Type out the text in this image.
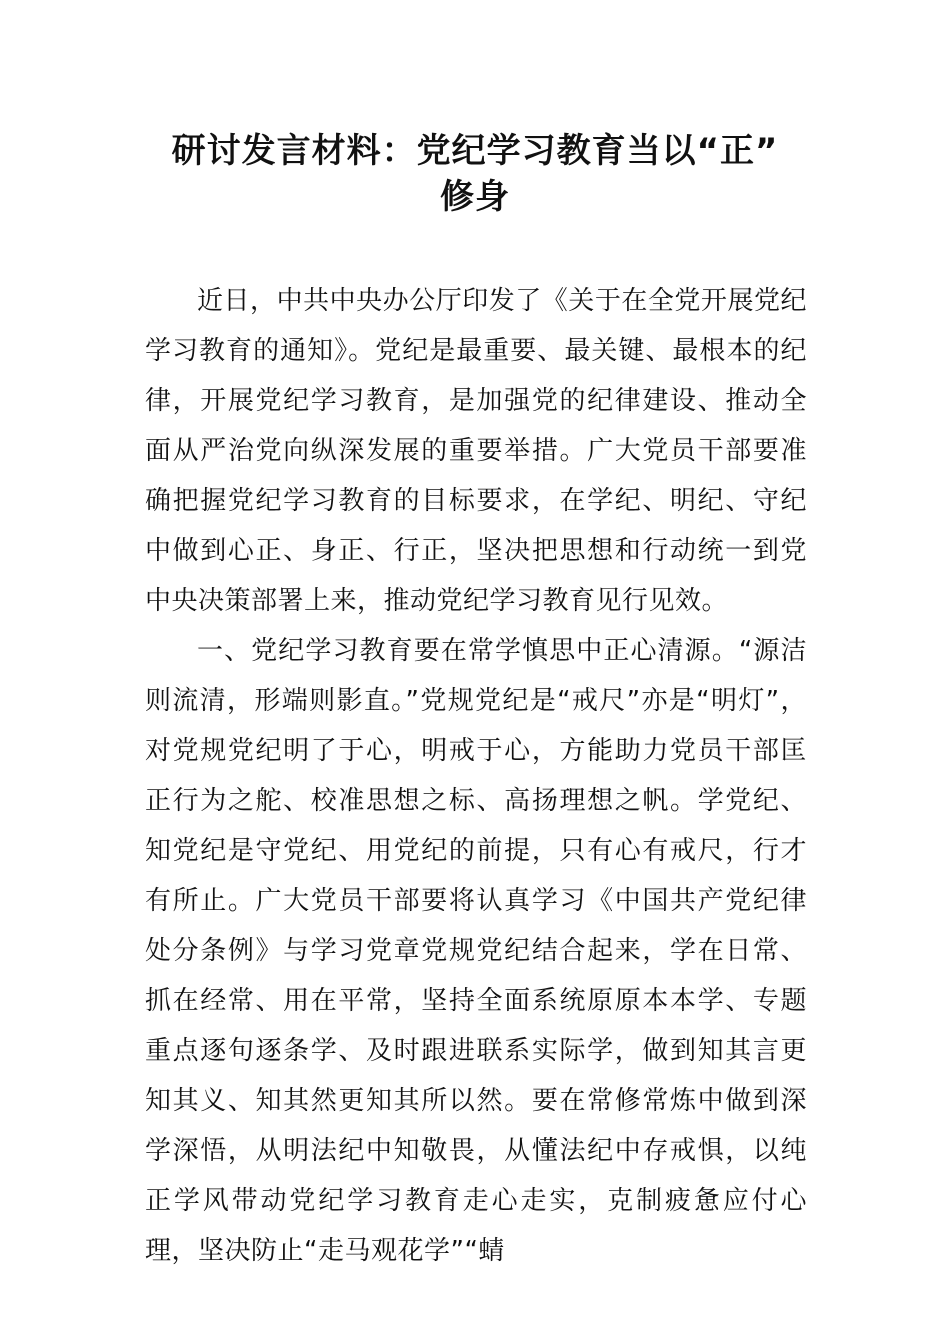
研讨发言材料：党纪学习教育当以“正”
修身

近日，中共中央办公厅印发了《关于在全党开展党纪学习教育的通知》。党纪是最重要、最关键、最根本的纪律，开展党纪学习教育，是加强党的纪律建设、推动全面从严治党向纵深发展的重要举措。广大党员干部要准确把握党纪学习教育的目标要求，在学纪、明纪、守纪中做到心正、身正、行正，坚决把思想和行动统一到党中央决策部署上来，推动党纪学习教育见行见效。

一、党纪学习教育要在常学慎思中正心清源。“源洁则流清，形端则影直。”党规党纪是“戒尺”亦是“明灯”，对党规党纪明了于心，明戒于心，方能助力党员干部匡正行为之舵、校准思想之标、高扬理想之帆。学党纪、知党纪是守党纪、用党纪的前提，只有心有戒尺，行才有所止。广大党员干部要将认真学习《中国共产党纪律处分条例》与学习党章党规党纪结合起来，学在日常、抓在经常、用在平常，坚持全面系统原原本本学、专题重点逐句逐条学、及时跟进联系实际学，做到知其言更知其义、知其然更知其所以然。要在常修常炼中做到深学深悟，从明法纪中知敬畏，从懂法纪中存戒惧，以纯正学风带动党纪学习教育走心走实，克制疲惫应付心理，坚决防止“走马观花学”“蜻
